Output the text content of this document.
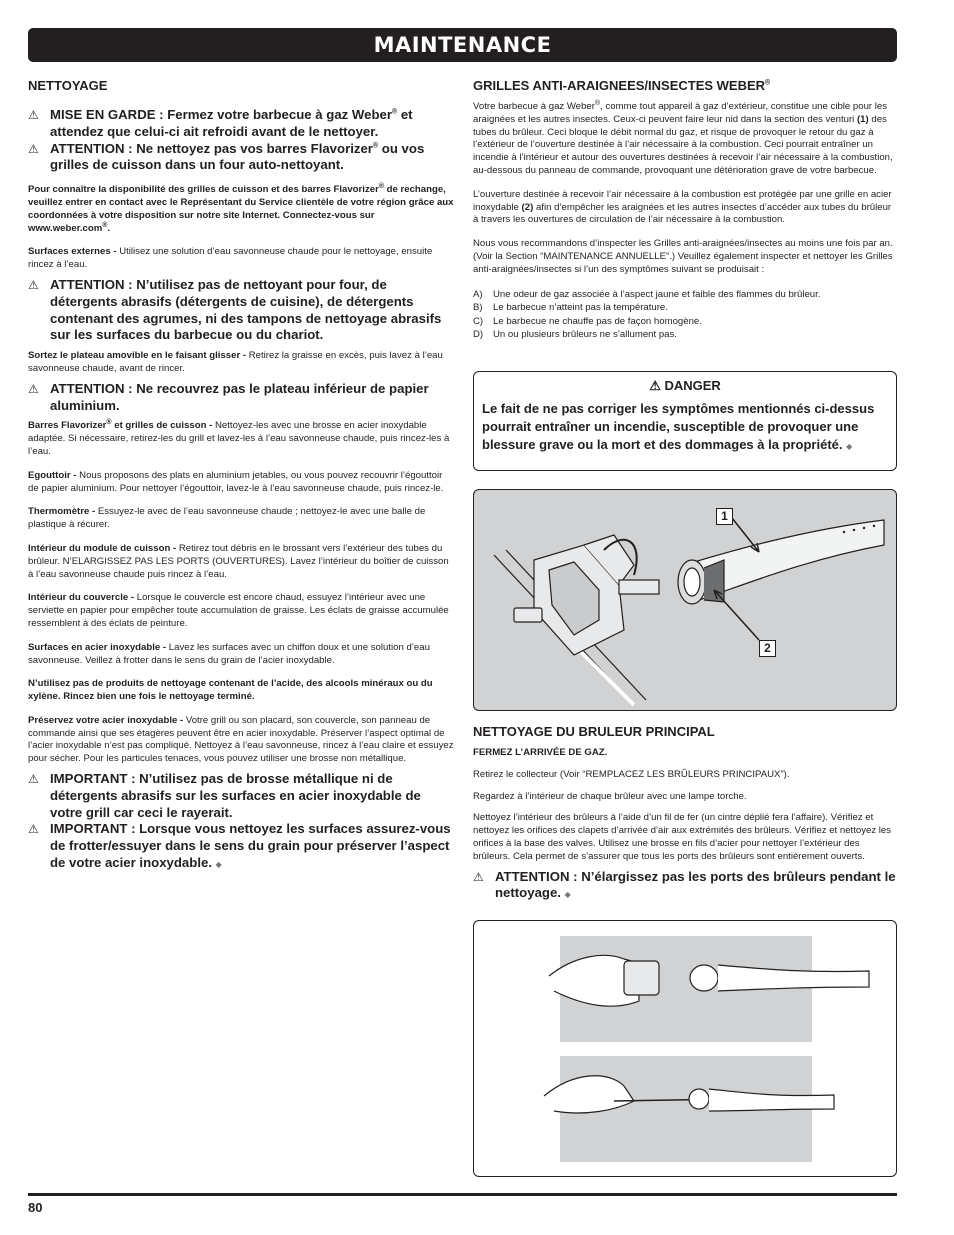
MAINTENANCE
NETTOYAGE
⚠ MISE EN GARDE : Fermez votre barbecue à gaz Weber® et attendez que celui-ci ait refroidi avant de le nettoyer.
⚠ ATTENTION : Ne nettoyez pas vos barres Flavorizer® ou vos grilles de cuisson dans un four auto-nettoyant.

Pour connaître la disponibilité des grilles de cuisson et des barres Flavorizer® de rechange, veuillez entrer en contact avec le Représentant du Service clientèle de votre région grâce aux coordonnées à votre disposition sur notre site Internet. Connectez-vous sur www.weber.com®.

Surfaces externes - Utilisez une solution d’eau savonneuse chaude pour le nettoyage, ensuite rincez à l’eau.

⚠ ATTENTION : N’utilisez pas de nettoyant pour four, de détergents abrasifs (détergents de cuisine), de détergents contenant des agrumes, ni des tampons de nettoyage abrasifs sur les surfaces du barbecue ou du chariot.

Sortez le plateau amovible en le faisant glisser - Retirez la graisse en excès, puis lavez à l’eau savonneuse chaude, avant de rincer.

⚠ ATTENTION : Ne recouvrez pas le plateau inférieur de papier aluminium.

Barres Flavorizer® et grilles de cuisson - Nettoyez-les avec une brosse en acier inoxydable adaptée. Si nécessaire, retirez-les du grill et lavez-les à l’eau savonneuse chaude, puis rincez-les à l’eau.

Egouttoir - Nous proposons des plats en aluminium jetables, ou vous pouvez recouvrir l’égouttoir de papier aluminium. Pour nettoyer l’égouttoir, lavez-le à l’eau savonneuse chaude, puis rincez-le.

Thermomètre - Essuyez-le avec de l’eau savonneuse chaude ; nettoyez-le avec une balle de plastique à récurer.

Intérieur du module de cuisson - Retirez tout débris en le brossant vers l’extérieur des tubes du brûleur. N’ELARGISSEZ PAS LES PORTS (OUVERTURES). Lavez l’intérieur du boîtier de cuisson à l’eau savonneuse chaude puis rincez à l’eau.

Intérieur du couvercle - Lorsque le couvercle est encore chaud, essuyez l’intérieur avec une serviette en papier pour empêcher toute accumulation de graisse. Les éclats de graisse accumulée ressemblent à des éclats de peinture.

Surfaces en acier inoxydable - Lavez les surfaces avec un chiffon doux et une solution d’eau savonneuse. Veillez à frotter dans le sens du grain de l’acier inoxydable.

N’utilisez pas de produits de nettoyage contenant de l’acide, des alcools minéraux ou du xylène. Rincez bien une fois le nettoyage terminé.

Préservez votre acier inoxydable - Votre grill ou son placard, son couvercle, son panneau de commande ainsi que ses étagères peuvent être en acier inoxydable. Préserver l’aspect optimal de l’acier inoxydable n’est pas compliqué. Nettoyez à l’eau savonneuse, rincez à l’eau claire et essuyez pour sécher. Pour les particules tenaces, vous pouvez utiliser une brosse non métallique.

⚠ IMPORTANT : N’utilisez pas de brosse métallique ni de détergents abrasifs sur les surfaces en acier inoxydable de votre grill car ceci le rayerait.
⚠ IMPORTANT : Lorsque vous nettoyez les surfaces assurez-vous de frotter/essuyer dans le sens du grain pour préserver l’aspect de votre acier inoxydable. ◆
GRILLES ANTI-ARAIGNEES/INSECTES WEBER®

Votre barbecue à gaz Weber®, comme tout appareil à gaz d’extérieur, constitue une cible pour les araignées et les autres insectes. Ceux-ci peuvent faire leur nid dans la section des venturi (1) des tubes du brûleur. Ceci bloque le débit normal du gaz, et risque de provoquer le retour du gaz à l’extérieur de l’ouverture destinée à l’air nécessaire à la combustion. Ceci pourrait entraîner un incendie à l’intérieur et autour des ouvertures destinées à recevoir l’air nécessaire à la combustion, au-dessous du panneau de commande, provoquant une détérioration grave de votre barbecue.

L’ouverture destinée à recevoir l’air nécessaire à la combustion est protégée par une grille en acier inoxydable (2) afin d’empêcher les araignées et les autres insectes d’accéder aux tubes du brûleur à travers les ouvertures de circulation de l’air nécessaire à la combustion.

Nous vous recommandons d’inspecter les Grilles anti-araignées/insectes au moins une fois par an. (Voir la Section “MAINTENANCE ANNUELLE”.) Veuillez également inspecter et nettoyer les Grilles anti-araignées/insectes si l’un des symptômes suivant se produisait :

A)	Une odeur de gaz associée à l’aspect jaune et faible des flammes du brûleur.
B)	Le barbecue n’atteint pas la température.
C)	Le barbecue ne chauffe pas de façon homogène.
D)	Un ou plusieurs brûleurs ne s’allument pas.
⚠ DANGER
Le fait de ne pas corriger les symptômes mentionnés ci-dessus pourrait entraîner un incendie, susceptible de provoquer une blessure grave ou la mort et des dommages à la propriété. ◆
1
2
NETTOYAGE DU BRULEUR PRINCIPAL

FERMEZ L’ARRIVÉE DE GAZ.

Retirez le collecteur (Voir “REMPLACEZ LES BRÛLEURS PRINCIPAUX”).

Regardez à l’intérieur de chaque brûleur avec une lampe torche.

Nettoyez l’intérieur des brûleurs à l’aide d’un fil de fer (un cintre déplié fera l’affaire). Vérifiez et nettoyez les orifices des clapets d’arrivée d’air aux extrémités des brûleurs. Vérifiez et nettoyez les orifices à la base des valves. Utilisez une brosse en fils d’acier pour nettoyer l’extérieur des brûleurs. Cela permet de s’assurer que tous les ports des brûleurs sont entièrement ouverts.

⚠ ATTENTION : N’élargissez pas les ports des brûleurs pendant le nettoyage. ◆
80
